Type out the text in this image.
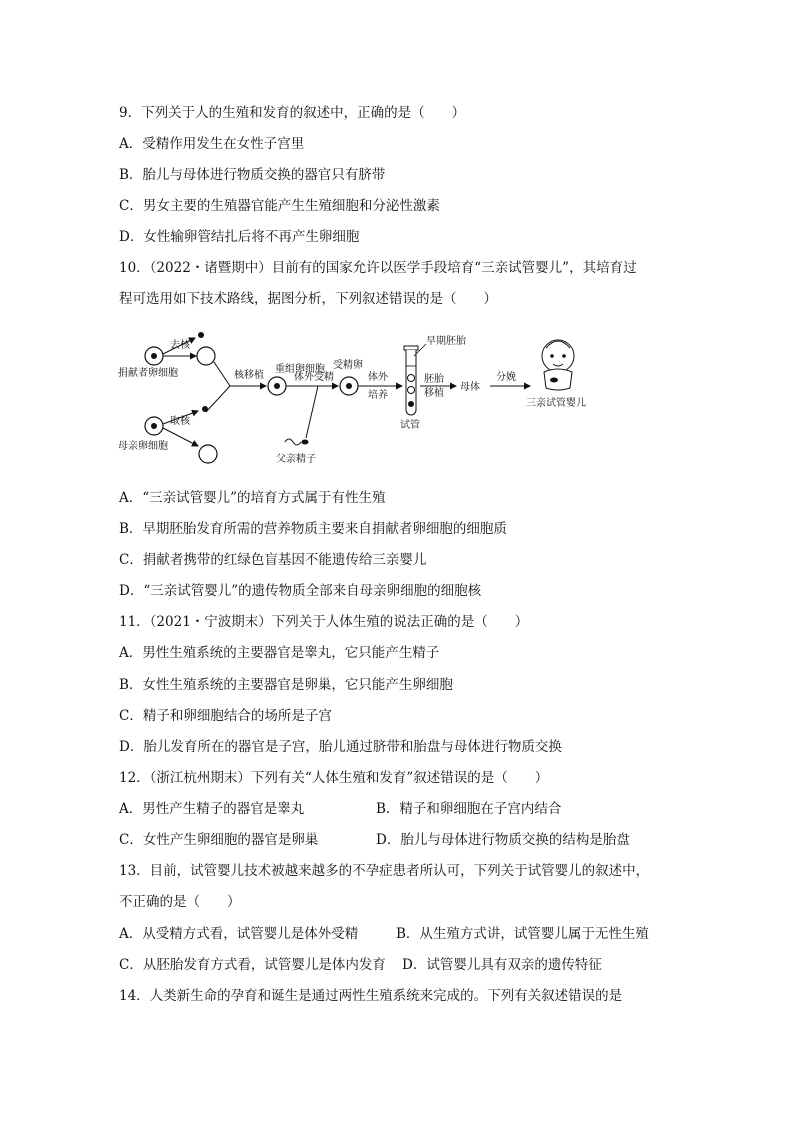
9．下列关于人的生殖和发育的叙述中，正确的是（　　）
A．受精作用发生在女性子宫里
B．胎儿与母体进行物质交换的器官只有脐带
C．男女主要的生殖器官能产生生殖细胞和分泌性激素
D．女性输卵管结扎后将不再产生卵细胞
10．（2022・诸暨期中）目前有的国家允许以医学手段培育“三亲试管婴儿”，其培育过
程可选用如下技术路线，据图分析，下列叙述错误的是（　　）
捐献者卵细胞
去核
母亲卵细胞
取核
核移植
重组卵细胞
体外受精
父亲精子
受精卵
体外
培养
早期胚胎
试管
胚胎
移植
母体
分娩
三亲试管婴儿
A．“三亲试管婴儿”的培育方式属于有性生殖
B．早期胚胎发育所需的营养物质主要来自捐献者卵细胞的细胞质
C．捐献者携带的红绿色盲基因不能遗传给三亲婴儿
D．“三亲试管婴儿”的遗传物质全部来自母亲卵细胞的细胞核
11．（2021・宁波期末）下列关于人体生殖的说法正确的是（　　）
A．男性生殖系统的主要器官是睾丸，它只能产生精子
B．女性生殖系统的主要器官是卵巢，它只能产生卵细胞
C．精子和卵细胞结合的场所是子宫
D．胎儿发育所在的器官是子宫，胎儿通过脐带和胎盘与母体进行物质交换
12．（浙江杭州期末）下列有关“人体生殖和发育”叙述错误的是（　　）
A．男性产生精子的器官是睾丸	B．精子和卵细胞在子宫内结合
C．女性产生卵细胞的器官是卵巢	D．胎儿与母体进行物质交换的结构是胎盘
13．目前，试管婴儿技术被越来越多的不孕症患者所认可，下列关于试管婴儿的叙述中，
不正确的是（　　）
A．从受精方式看，试管婴儿是体外受精	B．从生殖方式讲，试管婴儿属于无性生殖
C．从胚胎发育方式看，试管婴儿是体内发育 D．试管婴儿具有双亲的遗传特征
14．人类新生命的孕育和诞生是通过两性生殖系统来完成的。下列有关叙述错误的是
